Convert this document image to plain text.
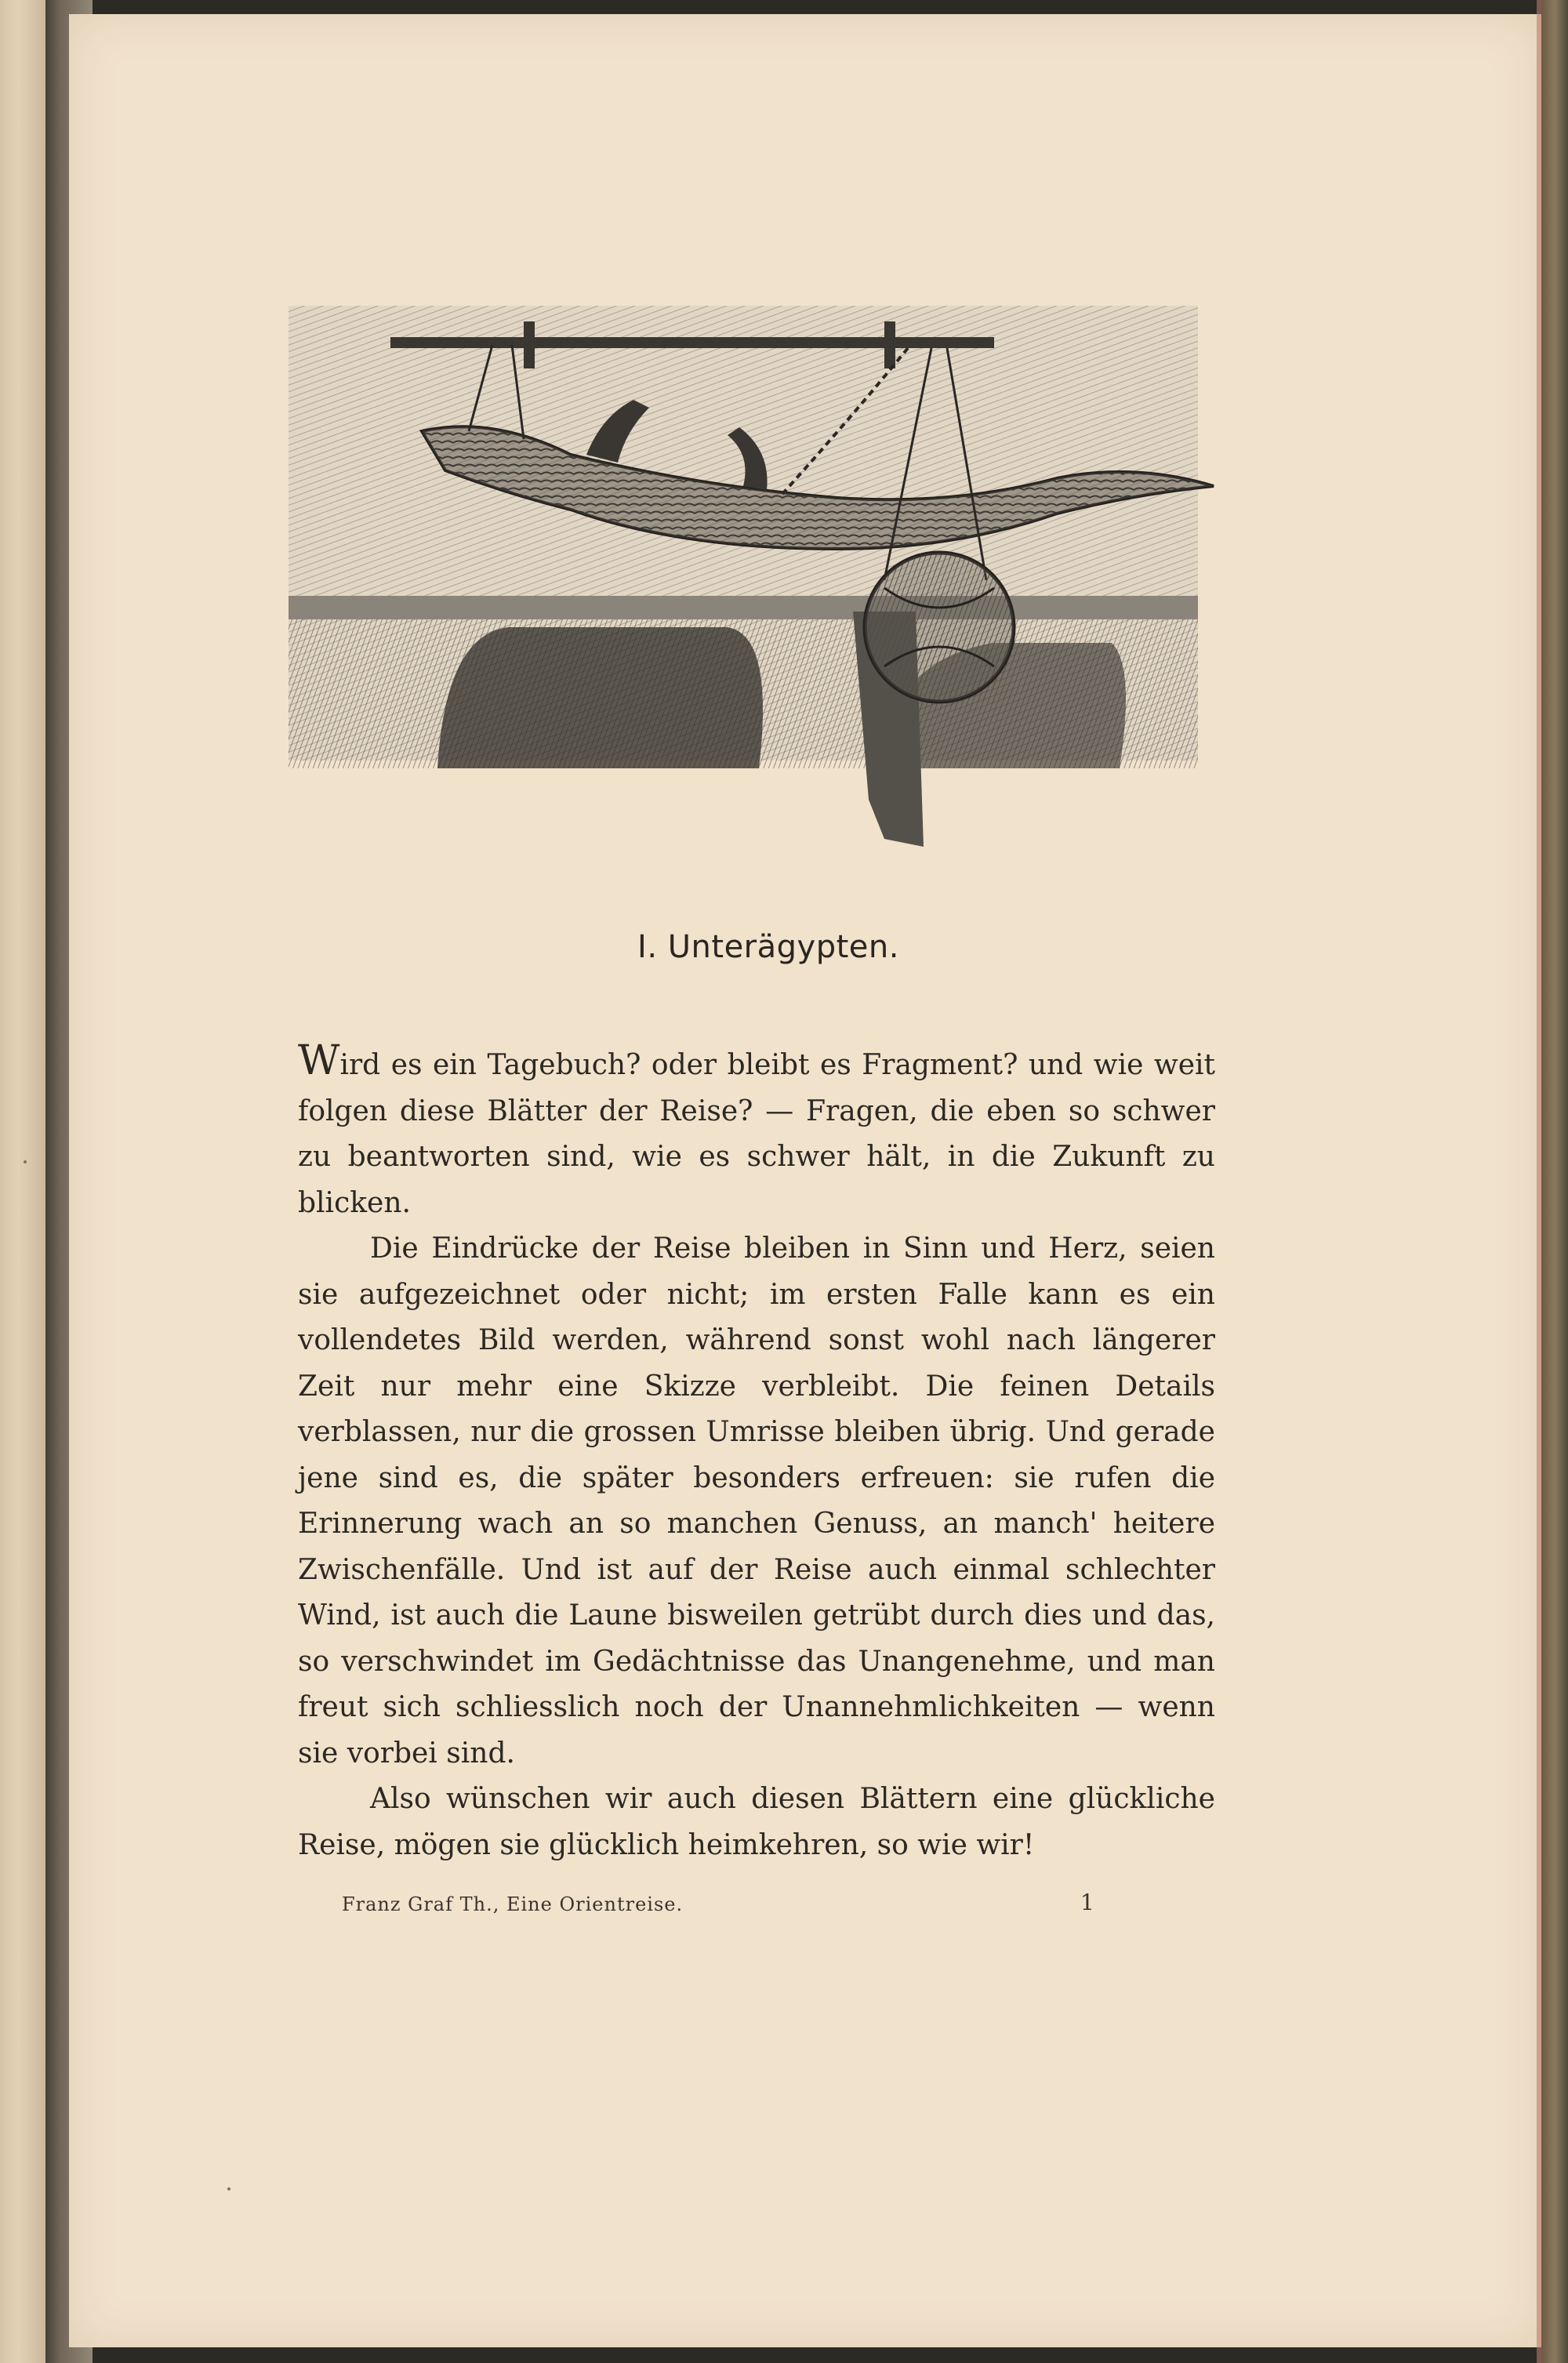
I. Unterägypten.

Wird es ein Tagebuch? oder bleibt es Fragment? und wie weit folgen diese Blätter der Reise? — Fragen, die eben so schwer zu beantworten sind, wie es schwer hält, in die Zukunft zu blicken.

Die Eindrücke der Reise bleiben in Sinn und Herz, seien sie aufgezeichnet oder nicht; im ersten Falle kann es ein vollendetes Bild werden, während sonst wohl nach längerer Zeit nur mehr eine Skizze verbleibt. Die feinen Details verblassen, nur die grossen Umrisse bleiben übrig. Und gerade jene sind es, die später besonders erfreuen: sie rufen die Erinnerung wach an so manchen Genuss, an manch' heitere Zwischenfälle. Und ist auf der Reise auch einmal schlechter Wind, ist auch die Laune bisweilen getrübt durch dies und das, so verschwindet im Gedächtnisse das Unangenehme, und man freut sich schliesslich noch der Unannehmlichkeiten — wenn sie vorbei sind.

Also wünschen wir auch diesen Blättern eine glückliche Reise, mögen sie glücklich heimkehren, so wie wir!

Franz Graf Th., Eine Orientreise.	1
